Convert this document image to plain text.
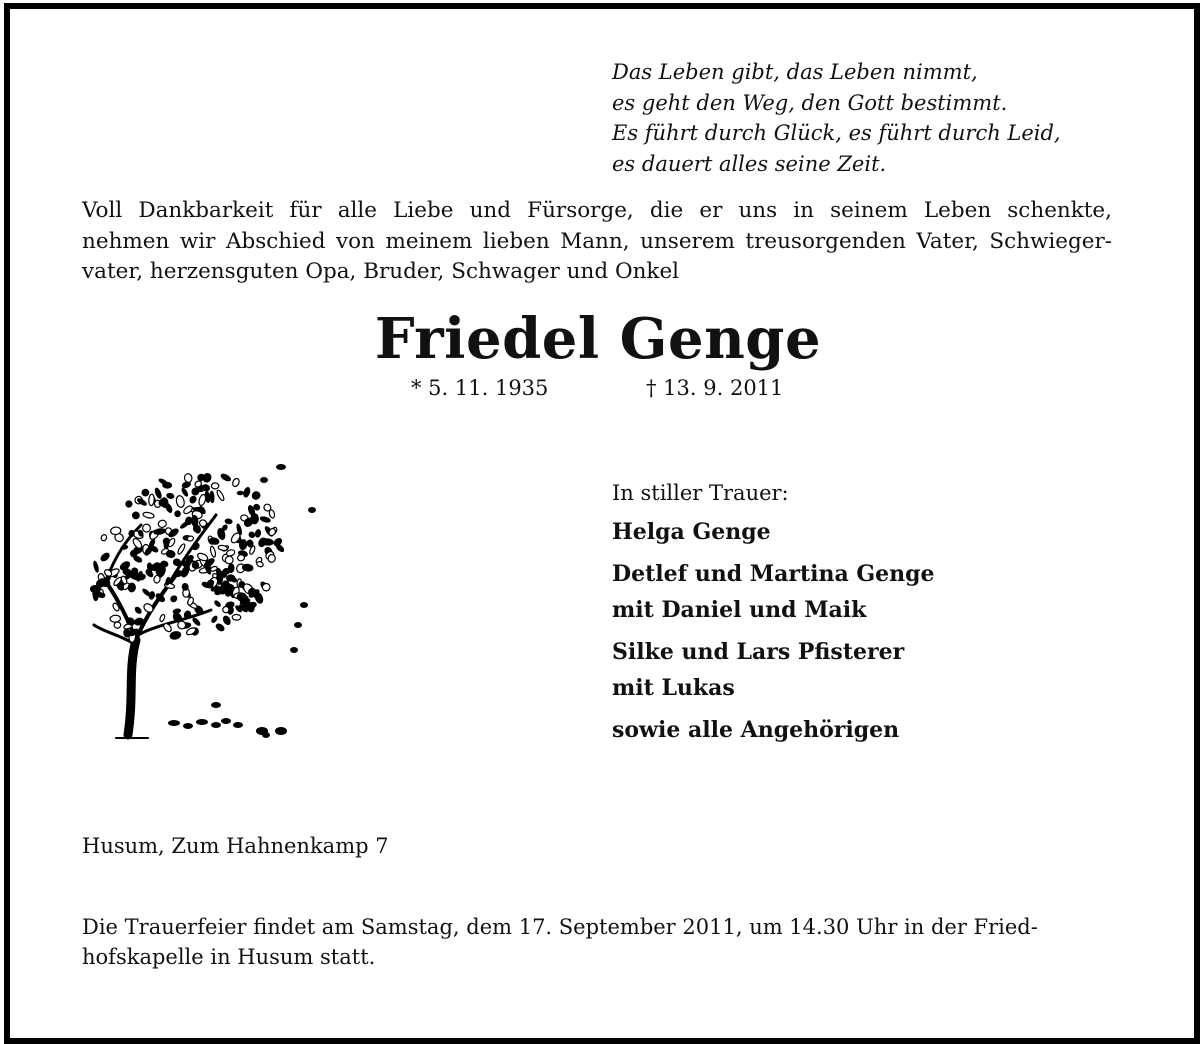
Das Leben gibt, das Leben nimmt,
es geht den Weg, den Gott bestimmt.
Es führt durch Glück, es führt durch Leid,
es dauert alles seine Zeit.
Voll Dankbarkeit für alle Liebe und Fürsorge, die er uns in seinem Leben schenkte,
nehmen wir Abschied von meinem lieben Mann, unserem treusorgenden Vater, Schwieger-
vater, herzensguten Opa, Bruder, Schwager und Onkel
Friedel Genge
* 5. 11. 1935	† 13. 9. 2011
In stiller Trauer:
Helga Genge
Detlef und Martina Genge
mit Daniel und Maik
Silke und Lars Pfisterer
mit Lukas
sowie alle Angehörigen
Husum, Zum Hahnenkamp 7
Die Trauerfeier findet am Samstag, dem 17. September 2011, um 14.30 Uhr in der Fried-
hofskapelle in Husum statt.
